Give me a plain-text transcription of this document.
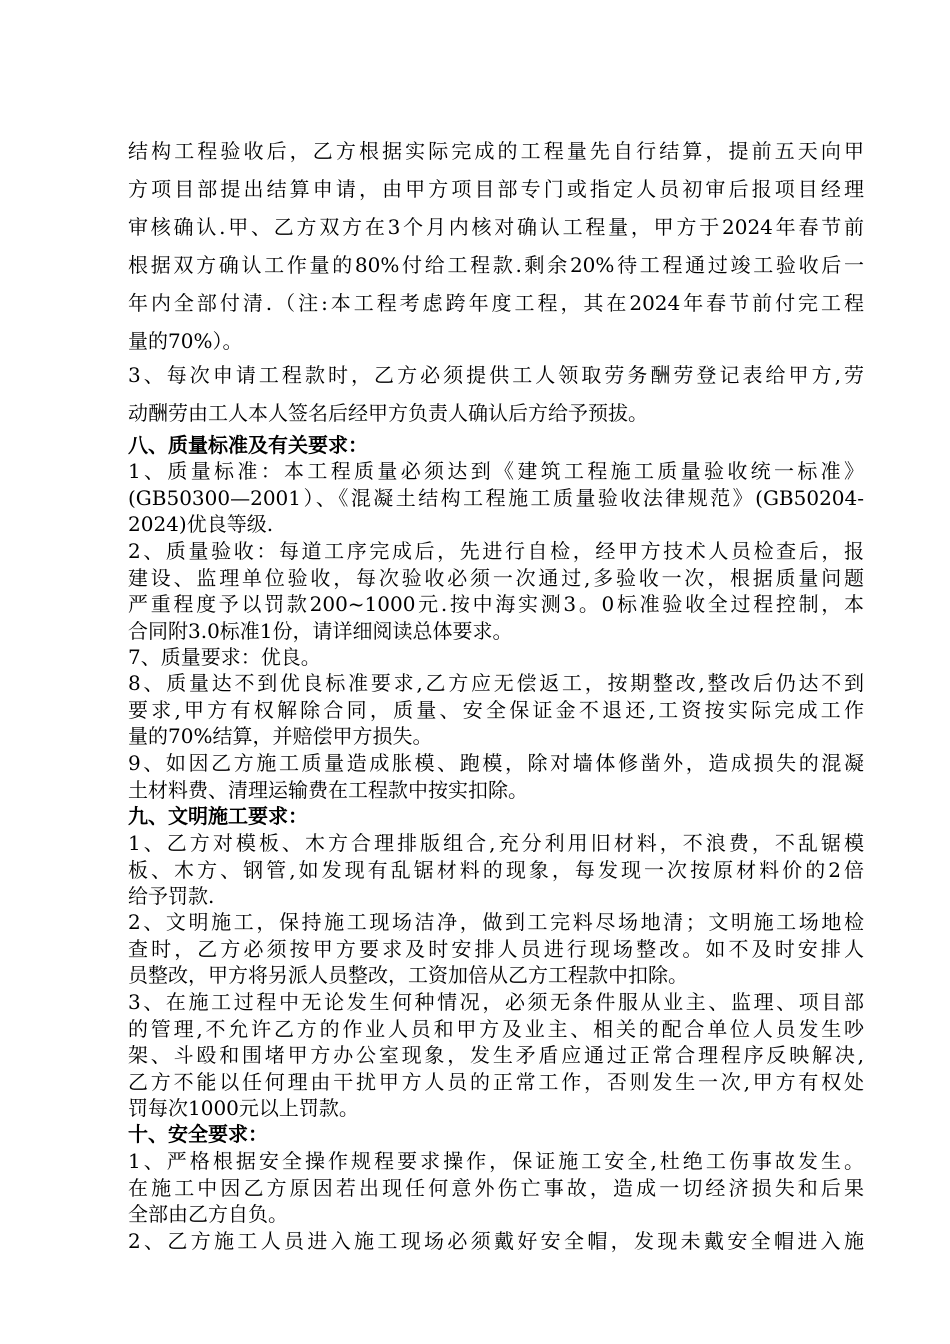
结构工程验收后，乙方根据实际完成的工程量先自行结算，提前五天向甲
方项目部提出结算申请，由甲方项目部专门或指定人员初审后报项目经理
审核确认.甲、乙方双方在3个月内核对确认工程量，甲方于2024年春节前
根据双方确认工作量的80%付给工程款.剩余20%待工程通过竣工验收后一
年内全部付清.（注:本工程考虑跨年度工程，其在2024年春节前付完工程
量的70%）。
3、每次申请工程款时，乙方必须提供工人领取劳务酬劳登记表给甲方,劳
动酬劳由工人本人签名后经甲方负责人确认后方给予预拔。
八、质量标准及有关要求：
1、质量标准：本工程质量必须达到《建筑工程施工质量验收统一标准》
(GB50300—2001）、《混凝土结构工程施工质量验收法律规范》(GB50204-
2024)优良等级.
2、质量验收：每道工序完成后，先进行自检，经甲方技术人员检查后，报
建设、监理单位验收，每次验收必须一次通过,多验收一次，根据质量问题
严重程度予以罚款200~1000元.按中海实测3。0标准验收全过程控制，本
合同附3.0标准1份，请详细阅读总体要求。
7、质量要求：优良。
8、质量达不到优良标准要求,乙方应无偿返工，按期整改,整改后仍达不到
要求,甲方有权解除合同，质量、安全保证金不退还,工资按实际完成工作
量的70%结算，并赔偿甲方损失。
9、如因乙方施工质量造成胀模、跑模，除对墙体修凿外，造成损失的混凝
土材料费、清理运输费在工程款中按实扣除。
九、文明施工要求：
1、乙方对模板、木方合理排版组合,充分利用旧材料，不浪费，不乱锯模
板、木方、钢管,如发现有乱锯材料的现象，每发现一次按原材料价的2倍
给予罚款.
2、文明施工，保持施工现场洁净，做到工完料尽场地清；文明施工场地检
查时，乙方必须按甲方要求及时安排人员进行现场整改。如不及时安排人
员整改，甲方将另派人员整改，工资加倍从乙方工程款中扣除。
3、在施工过程中无论发生何种情况，必须无条件服从业主、监理、项目部
的管理,不允许乙方的作业人员和甲方及业主、相关的配合单位人员发生吵
架、斗殴和围堵甲方办公室现象，发生矛盾应通过正常合理程序反映解决,
乙方不能以任何理由干扰甲方人员的正常工作，否则发生一次,甲方有权处
罚每次1000元以上罚款。
十、安全要求：
1、严格根据安全操作规程要求操作，保证施工安全,杜绝工伤事故发生。
在施工中因乙方原因若出现任何意外伤亡事故，造成一切经济损失和后果
全部由乙方自负。
2、乙方施工人员进入施工现场必须戴好安全帽，发现未戴安全帽进入施
